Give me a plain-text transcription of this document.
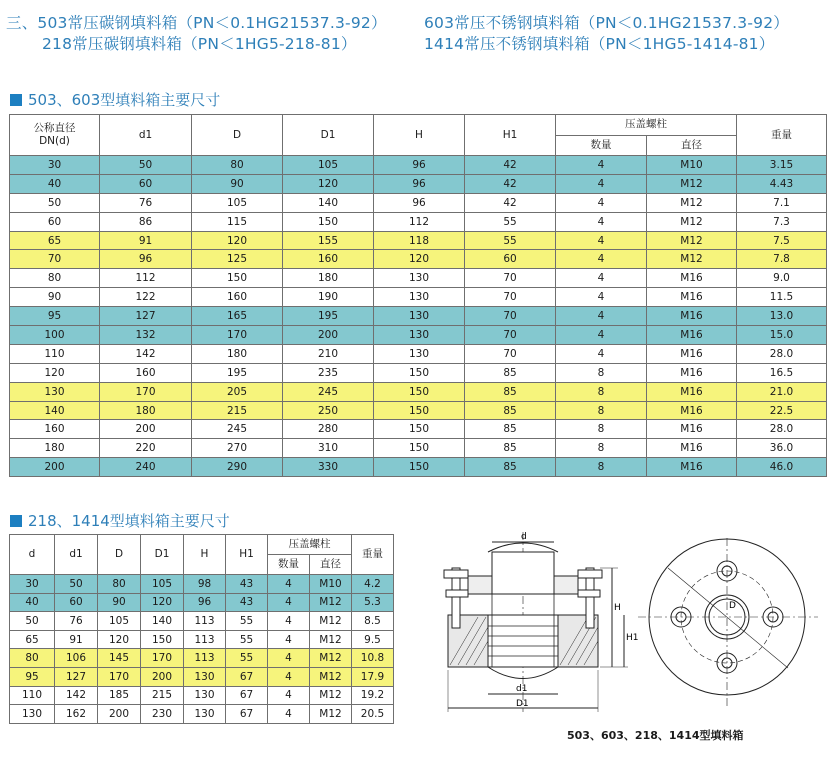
三、503常压碳钢填料箱（PN＜0.1HG21537.3-92） 603常压不锈钢填料箱（PN＜0.1HG21537.3-92）
218常压碳钢填料箱（PN＜1HG5-218-81）	1414常压不锈钢填料箱（PN＜1HG5-1414-81）
503、603型填料箱主要尺寸
公称直径
DN(d)	d1	D	D1	H	H1	压盖螺柱		重量
						数量	直径	
30	50	80	105	96	42	4	M10	3.15
40	60	90	120	96	42	4	M12	4.43
50	76	105	140	96	42	4	M12	7.1
60	86	115	150	112	55	4	M12	7.3
65	91	120	155	118	55	4	M12	7.5
70	96	125	160	120	60	4	M12	7.8
80	112	150	180	130	70	4	M16	9.0
90	122	160	190	130	70	4	M16	11.5
95	127	165	195	130	70	4	M16	13.0
100	132	170	200	130	70	4	M16	15.0
110	142	180	210	130	70	4	M16	28.0
120	160	195	235	150	85	8	M16	16.5
130	170	205	245	150	85	8	M16	21.0
140	180	215	250	150	85	8	M16	22.5
160	200	245	280	150	85	8	M16	28.0
180	220	270	310	150	85	8	M16	36.0
200	240	290	330	150	85	8	M16	46.0
218、1414型填料箱主要尺寸
d	d1	D	D1	H	H1	压盖螺柱		重量
						数量	直径	
30	50	80	105	98	43	4	M10	4.2
40	60	90	120	96	43	4	M12	5.3
50	76	105	140	113	55	4	M12	8.5
65	91	120	150	113	55	4	M12	9.5
80	106	145	170	113	55	4	M12	10.8
95	127	170	200	130	67	4	M12	17.9
110	142	185	215	130	67	4	M12	19.2
130	162	200	230	130	67	4	M12	20.5
d
d1
D1
H
H1
D
503、603、218、1414型填料箱
